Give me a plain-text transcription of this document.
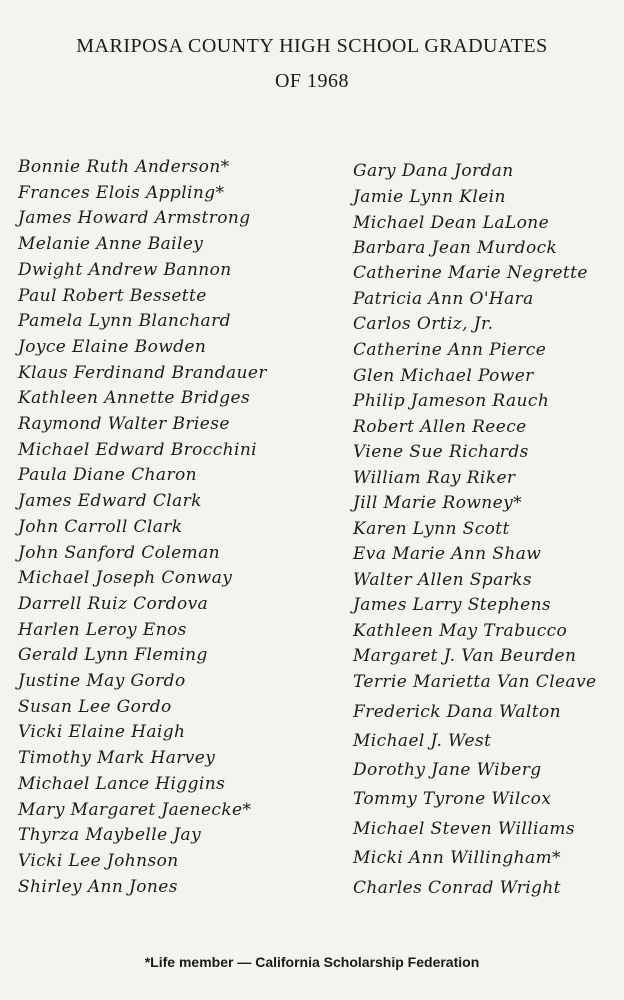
MARIPOSA COUNTY HIGH SCHOOL GRADUATES
OF 1968
Bonnie Ruth Anderson*
Frances Elois Appling*
James Howard Armstrong
Melanie Anne Bailey
Dwight Andrew Bannon
Paul Robert Bessette
Pamela Lynn Blanchard
Joyce Elaine Bowden
Klaus Ferdinand Brandauer
Kathleen Annette Bridges
Raymond Walter Briese
Michael Edward Brocchini
Paula Diane Charon
James Edward Clark
John Carroll Clark
John Sanford Coleman
Michael Joseph Conway
Darrell Ruiz Cordova
Harlen Leroy Enos
Gerald Lynn Fleming
Justine May Gordo
Susan Lee Gordo
Vicki Elaine Haigh
Timothy Mark Harvey
Michael Lance Higgins
Mary Margaret Jaenecke*
Thyrza Maybelle Jay
Vicki Lee Johnson
Shirley Ann Jones
Gary Dana Jordan
Jamie Lynn Klein
Michael Dean LaLone
Barbara Jean Murdock
Catherine Marie Negrette
Patricia Ann O'Hara
Carlos Ortiz, Jr.
Catherine Ann Pierce
Glen Michael Power
Philip Jameson Rauch
Robert Allen Reece
Viene Sue Richards
William Ray Riker
Jill Marie Rowney*
Karen Lynn Scott
Eva Marie Ann Shaw
Walter Allen Sparks
James Larry Stephens
Kathleen May Trabucco
Margaret J. Van Beurden
Terrie Marietta Van Cleave
Frederick Dana Walton
Michael J. West
Dorothy Jane Wiberg
Tommy Tyrone Wilcox
Michael Steven Williams
Micki Ann Willingham*
Charles Conrad Wright

*Life member — California Scholarship Federation
